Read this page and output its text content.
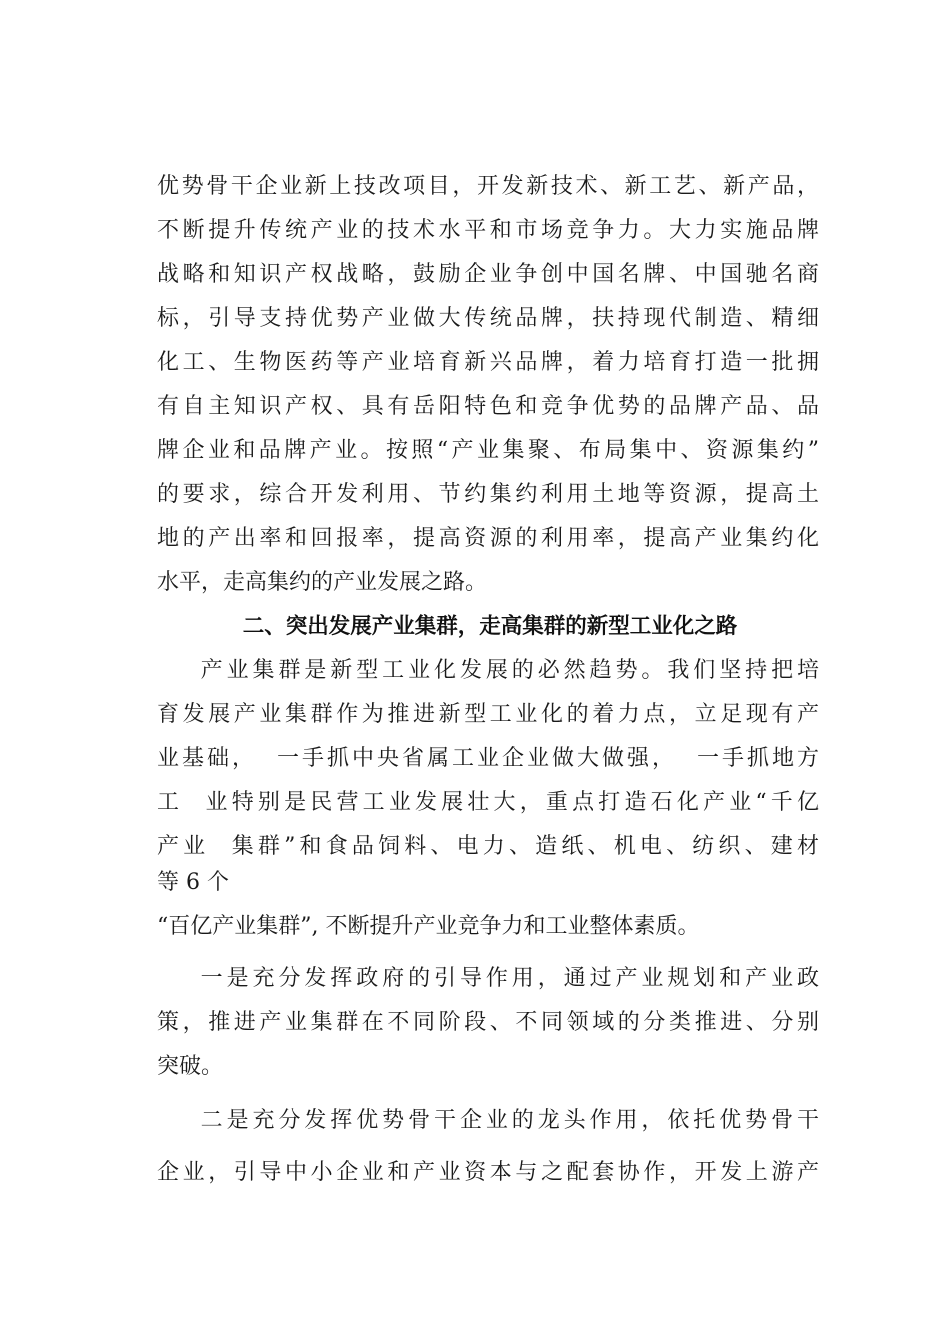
优势骨干企业新上技改项目，开发新技术、新工艺、新产品，
不断提升传统产业的技术水平和市场竞争力。大力实施品牌
战略和知识产权战略，鼓励企业争创中国名牌、中国驰名商
标，引导支持优势产业做大传统品牌，扶持现代制造、精细
化工、生物医药等产业培育新兴品牌，着力培育打造一批拥
有自主知识产权、具有岳阳特色和竞争优势的品牌产品、品
牌企业和品牌产业。按照“产业集聚、布局集中、资源集约”
的要求，综合开发利用、节约集约利用土地等资源，提高土
地的产出率和回报率，提高资源的利用率，提高产业集约化
水平，走高集约的产业发展之路。
二、突出发展产业集群，走高集群的新型工业化之路
产业集群是新型工业化发展的必然趋势。我们坚持把培
育发展产业集群作为推进新型工业化的着力点，立足现有产
业基础，  一手抓中央省属工业企业做大做强，  一手抓地方
工  业特别是民营工业发展壮大，重点打造石化产业“千亿
产业  集群”和食品饲料、电力、造纸、机电、纺织、建材
等 6 个
“百亿产业集群”, 不断提升产业竞争力和工业整体素质。
一是充分发挥政府的引导作用，通过产业规划和产业政
策，推进产业集群在不同阶段、不同领域的分类推进、分别
突破。
二是充分发挥优势骨干企业的龙头作用，依托优势骨干
企业，引导中小企业和产业资本与之配套协作，开发上游产
